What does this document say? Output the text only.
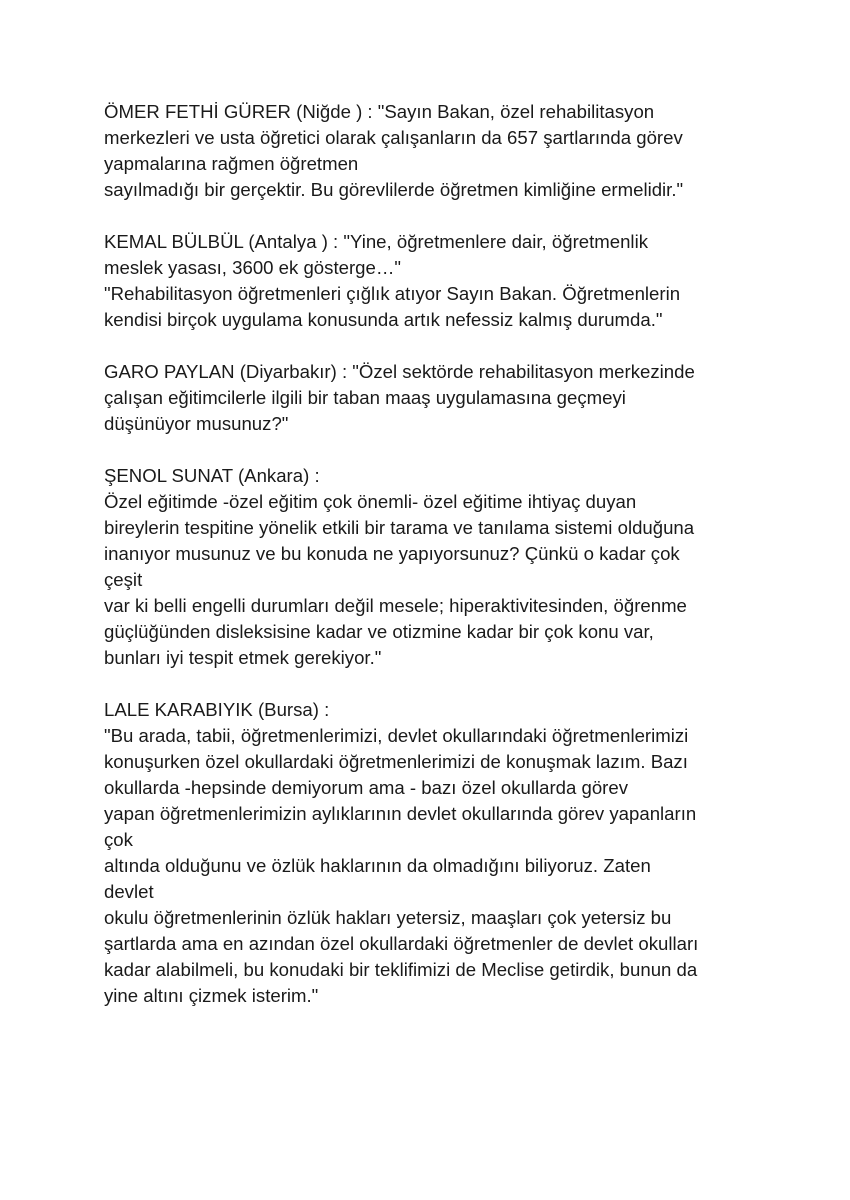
ÖMER FETHİ GÜRER (Niğde ) : "Sayın Bakan, özel rehabilitasyon
merkezleri ve usta öğretici olarak çalışanların da 657 şartlarında görev
yapmalarına rağmen öğretmen
sayılmadığı bir gerçektir. Bu görevlilerde öğretmen kimliğine ermelidir."
KEMAL BÜLBÜL (Antalya ) : "Yine, öğretmenlere dair, öğretmenlik
meslek yasası, 3600 ek gösterge…"
"Rehabilitasyon öğretmenleri çığlık atıyor Sayın Bakan. Öğretmenlerin
kendisi birçok uygulama konusunda artık nefessiz kalmış durumda."
GARO PAYLAN (Diyarbakır) : "Özel sektörde rehabilitasyon merkezinde
çalışan eğitimcilerle ilgili bir taban maaş uygulamasına geçmeyi
düşünüyor musunuz?"
ŞENOL SUNAT (Ankara) :
Özel eğitimde -özel eğitim çok önemli- özel eğitime ihtiyaç duyan
bireylerin tespitine yönelik etkili bir tarama ve tanılama sistemi olduğuna
inanıyor musunuz ve bu konuda ne yapıyorsunuz? Çünkü o kadar çok
çeşit
var ki belli engelli durumları değil mesele; hiperaktivitesinden, öğrenme
güçlüğünden disleksisine kadar ve otizmine kadar bir çok konu var,
bunları iyi tespit etmek gerekiyor."
LALE KARABIYIK (Bursa) :
"Bu arada, tabii, öğretmenlerimizi, devlet okullarındaki öğretmenlerimizi
konuşurken özel okullardaki öğretmenlerimizi de konuşmak lazım. Bazı
okullarda -hepsinde demiyorum ama - bazı özel okullarda görev
yapan öğretmenlerimizin aylıklarının devlet okullarında görev yapanların
çok
altında olduğunu ve özlük haklarının da olmadığını biliyoruz. Zaten
devlet
okulu öğretmenlerinin özlük hakları yetersiz, maaşları çok yetersiz bu
şartlarda ama en azından özel okullardaki öğretmenler de devlet okulları
kadar alabilmeli, bu konudaki bir teklifimizi de Meclise getirdik, bunun da
yine altını çizmek isterim."
